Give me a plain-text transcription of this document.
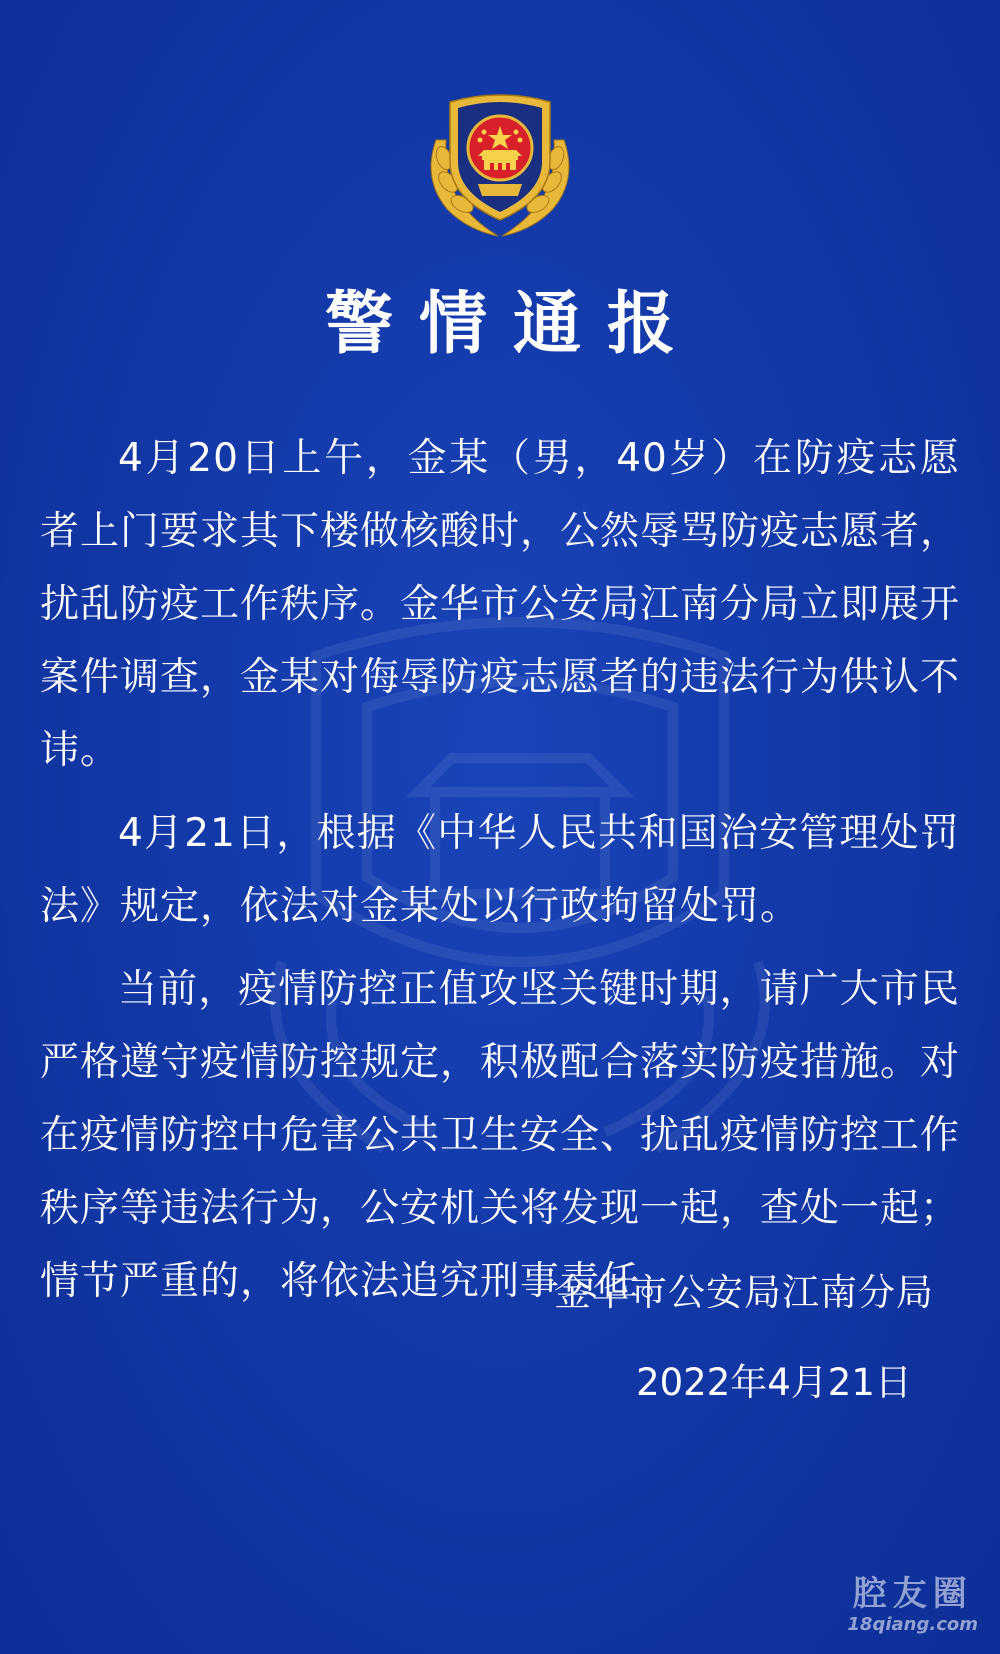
警情通报

4月20日上午，金某（男，40岁）在防疫志愿者上门要求其下楼做核酸时，公然辱骂防疫志愿者，扰乱防疫工作秩序。金华市公安局江南分局立即展开案件调查，金某对侮辱防疫志愿者的违法行为供认不讳。

4月21日，根据《中华人民共和国治安管理处罚法》规定，依法对金某处以行政拘留处罚。

当前，疫情防控正值攻坚关键时期，请广大市民严格遵守疫情防控规定，积极配合落实防疫措施。对在疫情防控中危害公共卫生安全、扰乱疫情防控工作秩序等违法行为，公安机关将发现一起，查处一起；情节严重的，将依法追究刑事责任。

金华市公安局江南分局
2022年4月21日
腔友圈
18qiang.com
